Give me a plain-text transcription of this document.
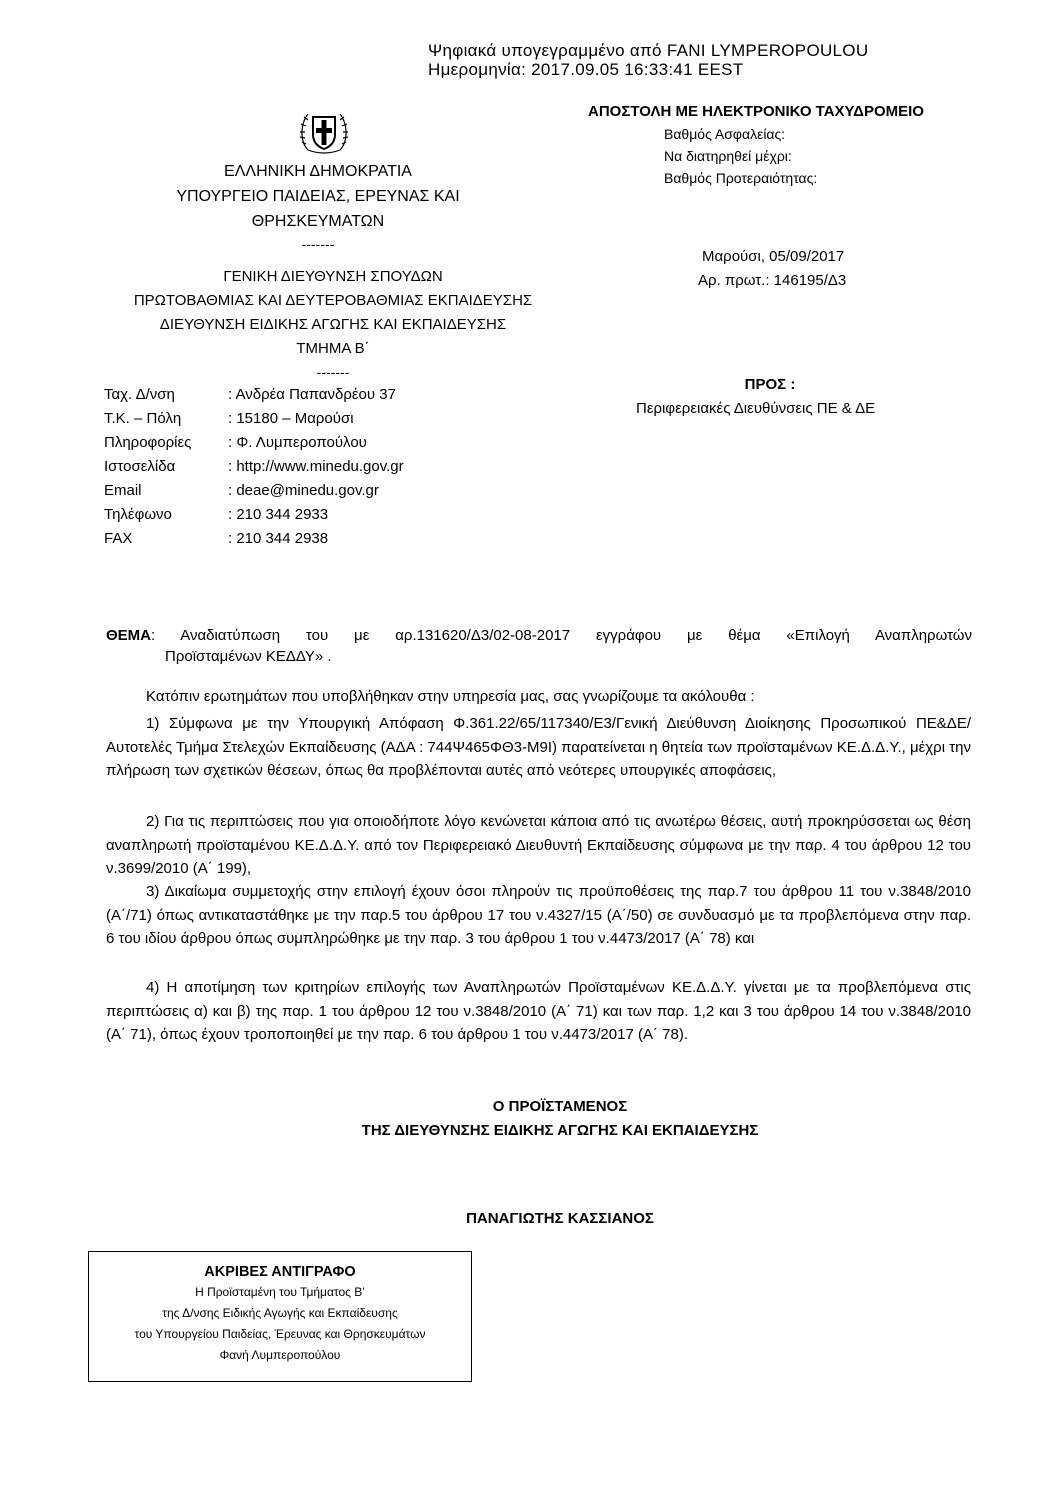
Ψηφιακά υπογεγραμμένο από FANI LYMPEROPOULOU
Ημερομηνία: 2017.09.05 16:33:41 EEST
ΕΛΛΗΝΙΚΗ ΔΗΜΟΚΡΑΤΙΑ
ΥΠΟΥΡΓΕΙΟ ΠΑΙΔΕΙΑΣ, ΕΡΕΥΝΑΣ ΚΑΙ
ΘΡΗΣΚΕΥΜΑΤΩΝ
-------
ΓΕΝΙΚΗ ΔΙΕΥΘΥΝΣΗ ΣΠΟΥΔΩΝ
ΠΡΩΤΟΒΑΘΜΙΑΣ ΚΑΙ ΔΕΥΤΕΡΟΒΑΘΜΙΑΣ ΕΚΠΑΙΔΕΥΣΗΣ
ΔΙΕΥΘΥΝΣΗ ΕΙΔΙΚΗΣ ΑΓΩΓΗΣ ΚΑΙ ΕΚΠΑΙΔΕΥΣΗΣ
ΤΜΗΜΑ Β΄
-------
Ταχ. Δ/νση	: Ανδρέα Παπανδρέου 37
Τ.Κ. – Πόλη	: 15180 – Μαρούσι
Πληροφορίες : Φ. Λυμπεροπούλου
Ιστοσελίδα	: http://www.minedu.gov.gr
Email	: deae@minedu.gov.gr
Τηλέφωνο	: 210 344 2933
FAX	: 210 344 2938
ΑΠΟΣΤΟΛΗ ΜΕ ΗΛΕΚΤΡΟΝΙΚΟ ΤΑΧΥΔΡΟΜΕΙΟ
Βαθμός Ασφαλείας:
Να διατηρηθεί μέχρι:
Βαθμός Προτεραιότητας:
Μαρούσι, 05/09/2017
Αρ. πρωτ.: 146195/Δ3
ΠΡΟΣ :
Περιφερειακές Διευθύνσεις ΠΕ & ΔΕ
ΘΕΜΑ: Αναδιατύπωση του με αρ.131620/Δ3/02-08-2017 εγγράφου με θέμα «Επιλογή Αναπληρωτών
Προϊσταμένων ΚΕΔΔΥ» .
Κατόπιν ερωτημάτων που υποβλήθηκαν στην υπηρεσία μας, σας γνωρίζουμε τα ακόλουθα :
1) Σύμφωνα με την Υπουργική Απόφαση Φ.361.22/65/117340/Ε3/Γενική Διεύθυνση Διοίκησης Προσωπικού ΠΕ&ΔΕ/Αυτοτελές Τμήμα Στελεχών Εκπαίδευσης (ΑΔΑ : 744Ψ465ΦΘ3-Μ9Ι) παρατείνεται η θητεία των προϊσταμένων ΚΕ.Δ.Δ.Υ., μέχρι την πλήρωση των σχετικών θέσεων, όπως θα προβλέπονται αυτές από νεότερες υπουργικές αποφάσεις,
2) Για τις περιπτώσεις που για οποιοδήποτε λόγο κενώνεται κάποια από τις ανωτέρω θέσεις, αυτή προκηρύσσεται ως θέση αναπληρωτή προϊσταμένου ΚΕ.Δ.Δ.Υ. από τον Περιφερειακό Διευθυντή Εκπαίδευσης σύμφωνα με την παρ. 4 του άρθρου 12 του ν.3699/2010 (Α΄ 199),
3) Δικαίωμα συμμετοχής στην επιλογή έχουν όσοι πληρούν τις προϋποθέσεις της παρ.7 του άρθρου 11 του ν.3848/2010 (Α΄/71) όπως αντικαταστάθηκε με την παρ.5 του άρθρου 17 του ν.4327/15 (Α΄/50) σε συνδυασμό με τα προβλεπόμενα στην παρ. 6 του ιδίου άρθρου όπως συμπληρώθηκε με την παρ. 3 του άρθρου 1 του ν.4473/2017 (Α΄ 78) και
4) Η αποτίμηση των κριτηρίων επιλογής των Αναπληρωτών Προϊσταμένων ΚΕ.Δ.Δ.Υ. γίνεται με τα προβλεπόμενα στις περιπτώσεις α) και β) της παρ. 1 του άρθρου 12 του ν.3848/2010 (Α΄ 71) και των παρ. 1,2 και 3 του άρθρου 14 του ν.3848/2010 (Α΄ 71), όπως έχουν τροποποιηθεί με την παρ. 6 του άρθρου 1 του ν.4473/2017 (Α΄ 78).
Ο ΠΡΟΪΣΤΑΜΕΝΟΣ
ΤΗΣ ΔΙΕΥΘΥΝΣΗΣ ΕΙΔΙΚΗΣ ΑΓΩΓΗΣ ΚΑΙ ΕΚΠΑΙΔΕΥΣΗΣ
ΠΑΝΑΓΙΩΤΗΣ ΚΑΣΣΙΑΝΟΣ
ΑΚΡΙΒΕΣ ΑΝΤΙΓΡΑΦΟ
Η Προϊσταμένη του Τμήματος Β’
της Δ/νσης Ειδικής Αγωγής και Εκπαίδευσης
του Υπουργείου Παιδείας, Έρευνας και Θρησκευμάτων
Φανή Λυμπεροπούλου
